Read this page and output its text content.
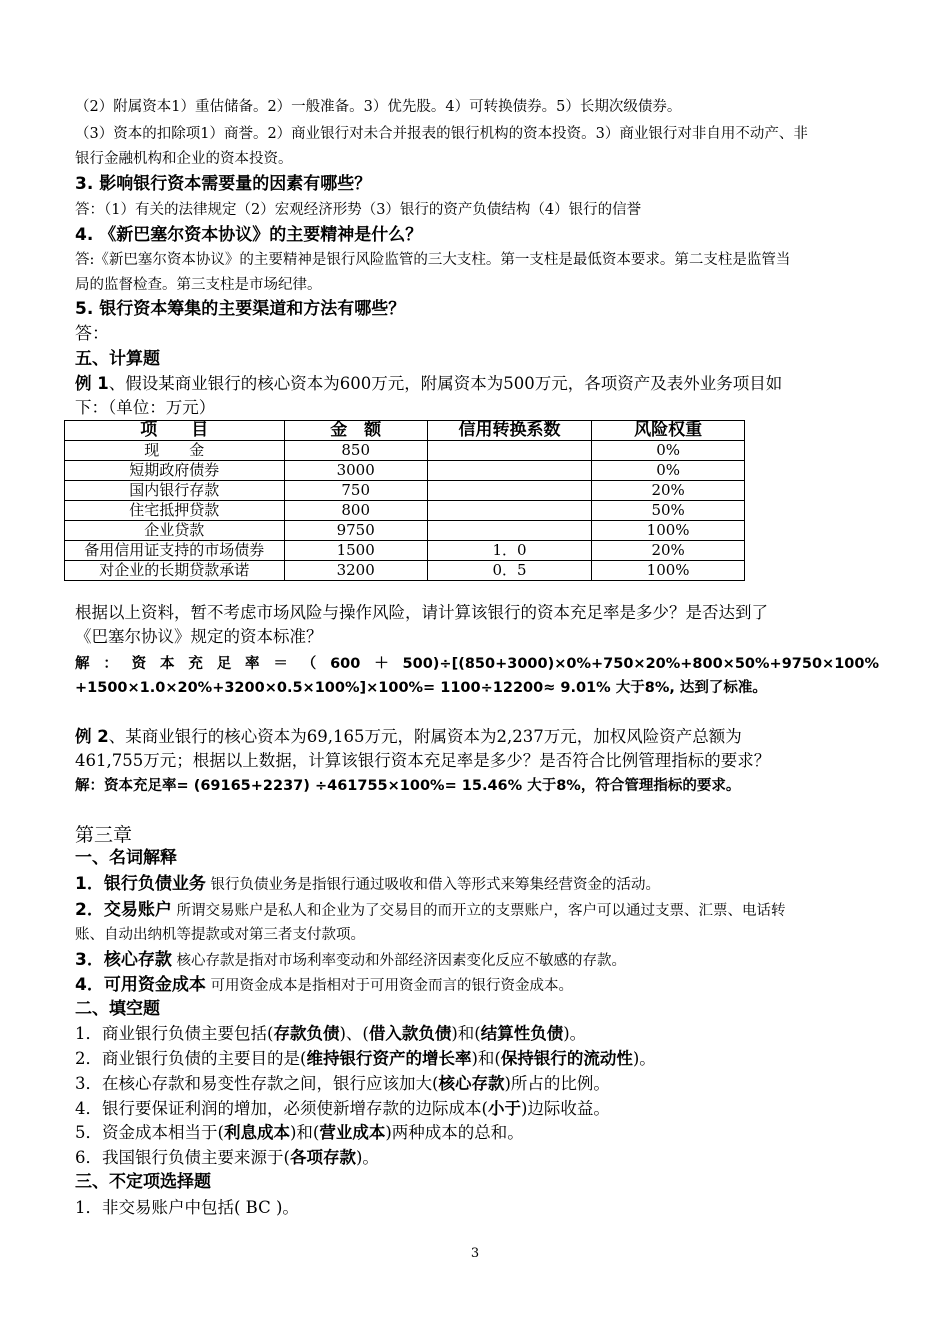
（2）附属资本1）重估储备。2）一般准备。3）优先股。4）可转换债券。5）长期次级债券。
（3）资本的扣除项1）商誉。2）商业银行对未合并报表的银行机构的资本投资。3）商业银行对非自用不动产、非
银行金融机构和企业的资本投资。
3. 影响银行资本需要量的因素有哪些？
答：（1）有关的法律规定（2）宏观经济形势（3）银行的资产负债结构（4）银行的信誉
4. 《新巴塞尔资本协议》的主要精神是什么？
答:《新巴塞尔资本协议》的主要精神是银行风险监管的三大支柱。第一支柱是最低资本要求。第二支柱是监管当
局的监督检查。第三支柱是市场纪律。
5. 银行资本筹集的主要渠道和方法有哪些？
答：
五、计算题
例 1、假设某商业银行的核心资本为600万元，附属资本为500万元，各项资产及表外业务项目如
下：（单位：万元）
项　　目	金　额	信用转换系数	风险权重
现　　金	850		0%
短期政府债券	3000		0%
国内银行存款	750		20%
住宅抵押贷款	800		50%
企业贷款	9750		100%
备用信用证支持的市场债券	1500	1．0	20%
对企业的长期贷款承诺	3200	0．5	100%
根据以上资料，暂不考虑市场风险与操作风险，请计算该银行的资本充足率是多少？是否达到了
《巴塞尔协议》规定的资本标准？
解：资本充足率＝（600＋500)÷[(850+3000)×0%+750×20%+800×50%+9750×100%
+1500×1.0×20%+3200×0.5×100%]×100%= 1100÷12200≈ 9.01% 大于8%, 达到了标准。
例 2、某商业银行的核心资本为69,165万元，附属资本为2,237万元，加权风险资产总额为
461,755万元；根据以上数据，计算该银行资本充足率是多少？是否符合比例管理指标的要求？
解：资本充足率= (69165+2237) ÷461755×100%= 15.46% 大于8%，符合管理指标的要求。
第三章
一、名词解释
1．银行负债业务 银行负债业务是指银行通过吸收和借入等形式来筹集经营资金的活动。
2．交易账户 所谓交易账户是私人和企业为了交易目的而开立的支票账户，客户可以通过支票、汇票、电话转
账、自动出纳机等提款或对第三者支付款项。
3．核心存款 核心存款是指对市场利率变动和外部经济因素变化反应不敏感的存款。
4．可用资金成本 可用资金成本是指相对于可用资金而言的银行资金成本。
二、填空题
1．商业银行负债主要包括(存款负债)、(借入款负债)和(结算性负债)。
2．商业银行负债的主要目的是(维持银行资产的增长率)和(保持银行的流动性)。
3．在核心存款和易变性存款之间，银行应该加大(核心存款)所占的比例。
4．银行要保证利润的增加，必须使新增存款的边际成本(小于)边际收益。
5．资金成本相当于(利息成本)和(营业成本)两种成本的总和。
6．我国银行负债主要来源于(各项存款)。
三、不定项选择题
1．非交易账户中包括( BC )。
3
